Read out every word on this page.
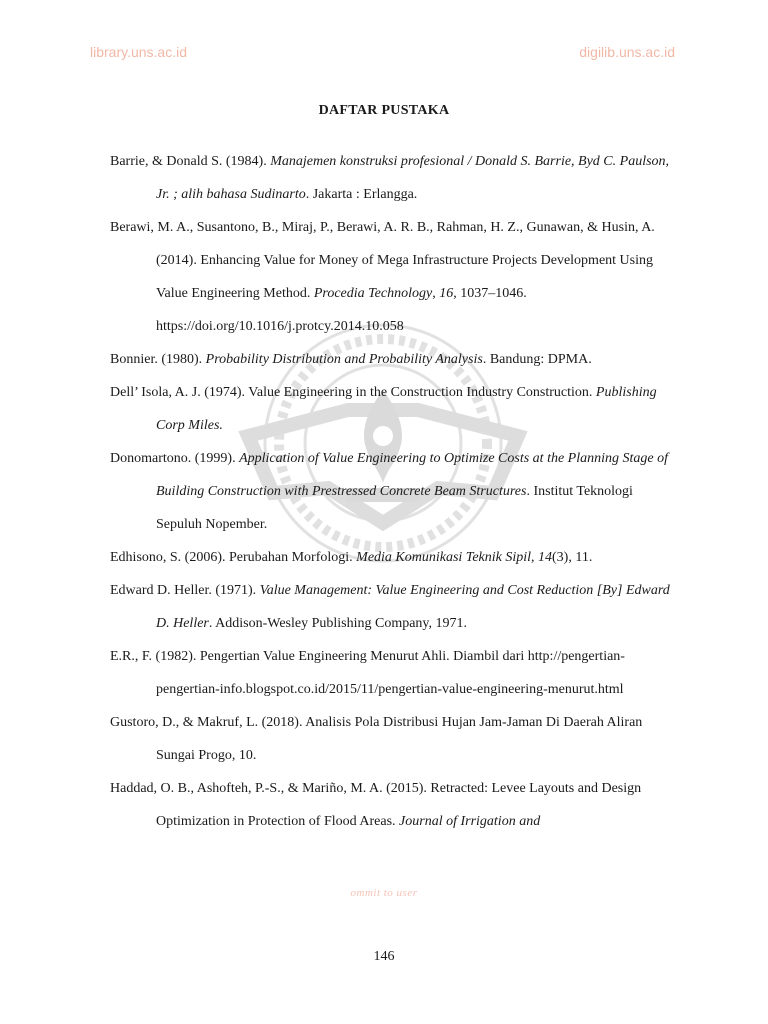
library.uns.ac.id	digilib.uns.ac.id
DAFTAR PUSTAKA

Barrie, & Donald S. (1984). Manajemen konstruksi profesional / Donald S. Barrie, Byd C. Paulson, Jr. ; alih bahasa Sudinarto. Jakarta : Erlangga.

Berawi, M. A., Susantono, B., Miraj, P., Berawi, A. R. B., Rahman, H. Z., Gunawan, & Husin, A. (2014). Enhancing Value for Money of Mega Infrastructure Projects Development Using Value Engineering Method. Procedia Technology, 16, 1037–1046. https://doi.org/10.1016/j.protcy.2014.10.058

Bonnier. (1980). Probability Distribution and Probability Analysis. Bandung: DPMA.

Dell’ Isola, A. J. (1974). Value Engineering in the Construction Industry Construction. Publishing Corp Miles.

Donomartono. (1999). Application of Value Engineering to Optimize Costs at the Planning Stage of Building Construction with Prestressed Concrete Beam Structures. Institut Teknologi Sepuluh Nopember.

Edhisono, S. (2006). Perubahan Morfologi. Media Komunikasi Teknik Sipil, 14(3), 11.

Edward D. Heller. (1971). Value Management: Value Engineering and Cost Reduction [By] Edward D. Heller. Addison-Wesley Publishing Company, 1971.

E.R., F. (1982). Pengertian Value Engineering Menurut Ahli. Diambil dari http://pengertian-pengertian-info.blogspot.co.id/2015/11/pengertian-value-engineering-menurut.html

Gustoro, D., & Makruf, L. (2018). Analisis Pola Distribusi Hujan Jam-Jaman Di Daerah Aliran Sungai Progo, 10.

Haddad, O. B., Ashofteh, P.-S., & Mariño, M. A. (2015). Retracted: Levee Layouts and Design Optimization in Protection of Flood Areas. Journal of Irrigation and

ommit to user
146
